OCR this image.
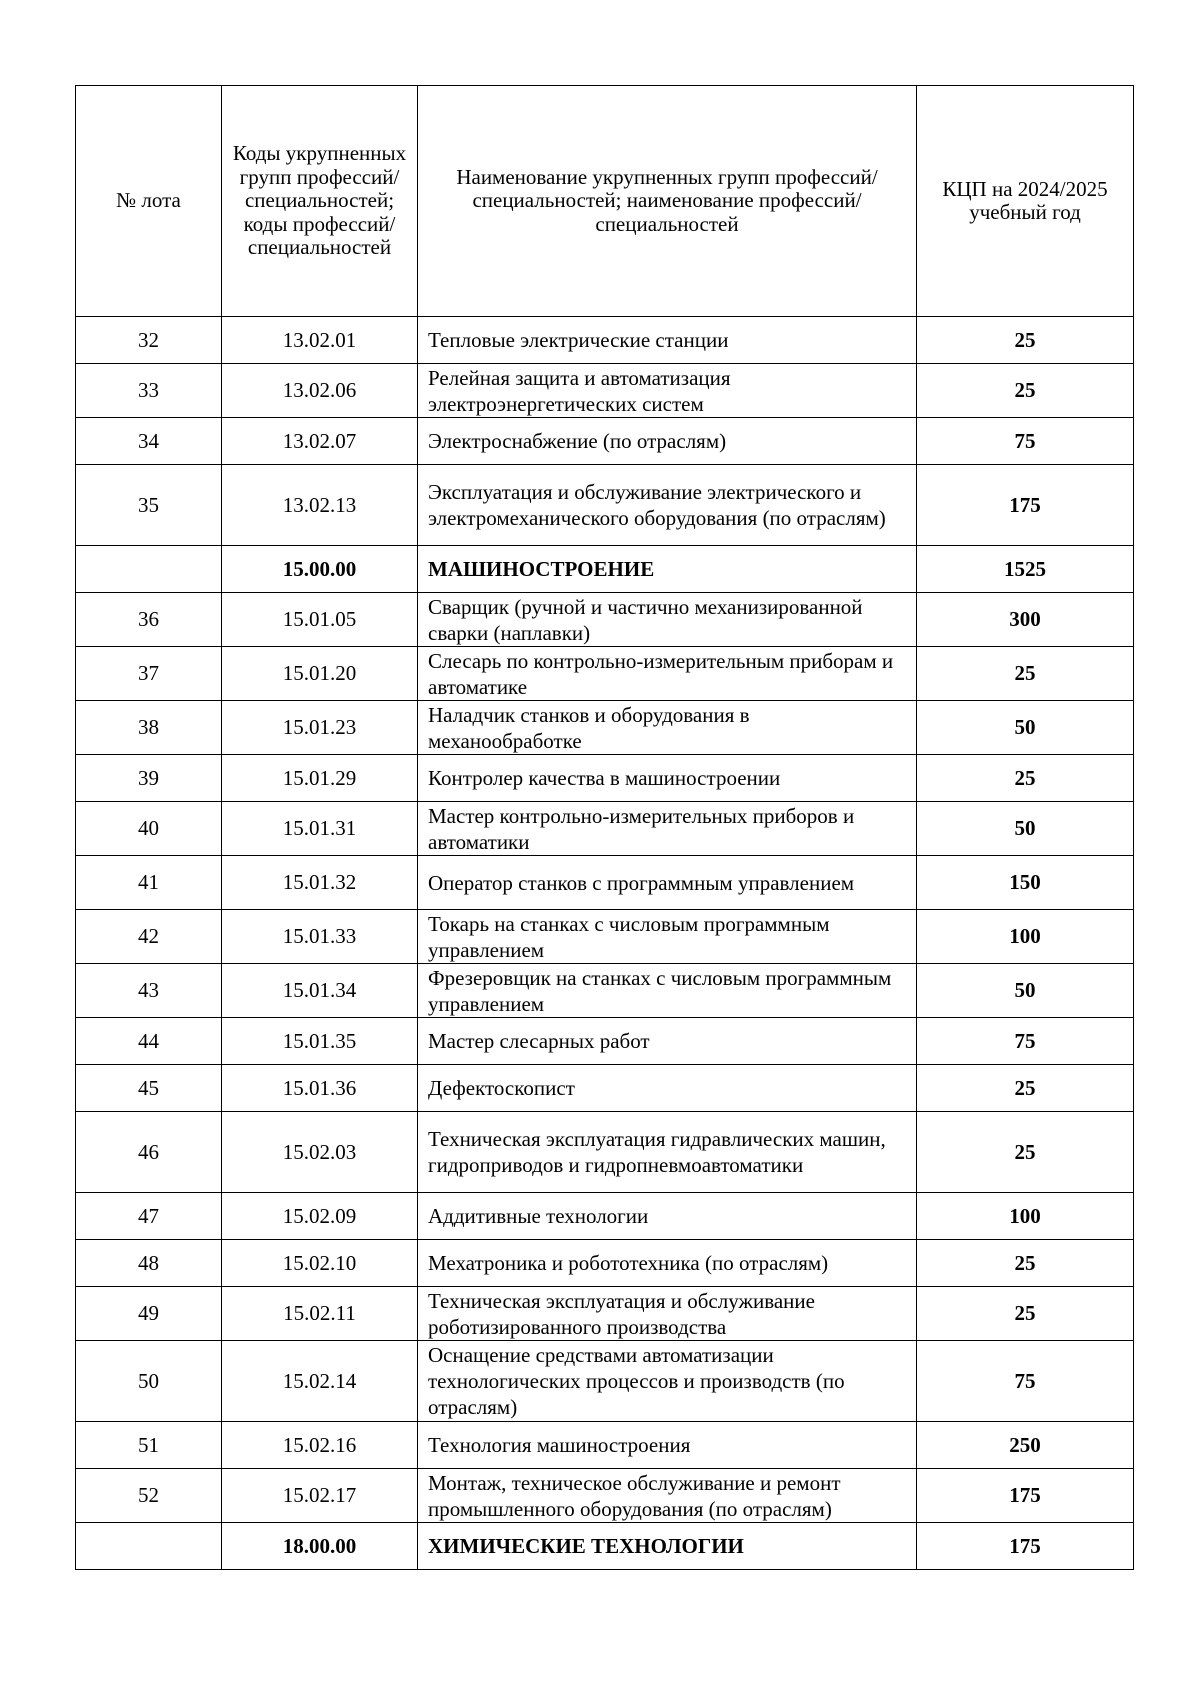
№ лота	Коды укрупненных групп профессий/ специальностей; коды профессий/ специальностей	Наименование укрупненных групп профессий/ специальностей; наименование профессий/ специальностей	КЦП на 2024/2025 учебный год
32	13.02.01	Тепловые электрические станции	25
33	13.02.06	Релейная защита и автоматизация электроэнергетических систем	25
34	13.02.07	Электроснабжение (по отраслям)	75
35	13.02.13	Эксплуатация и обслуживание электрического и электромеханического оборудования (по отраслям)	175
	15.00.00	МАШИНОСТРОЕНИЕ	1525
36	15.01.05	Сварщик (ручной и частично механизированной сварки (наплавки)	300
37	15.01.20	Слесарь по контрольно-измерительным приборам и автоматике	25
38	15.01.23	Наладчик станков и оборудования в механообработке	50
39	15.01.29	Контролер качества в машиностроении	25
40	15.01.31	Мастер контрольно-измерительных приборов и автоматики	50
41	15.01.32	Оператор станков с программным управлением	150
42	15.01.33	Токарь на станках с числовым программным управлением	100
43	15.01.34	Фрезеровщик на станках с числовым программным управлением	50
44	15.01.35	Мастер слесарных работ	75
45	15.01.36	Дефектоскопист	25
46	15.02.03	Техническая эксплуатация гидравлических машин, гидроприводов и гидропневмоавтоматики	25
47	15.02.09	Аддитивные технологии	100
48	15.02.10	Мехатроника и робототехника (по отраслям)	25
49	15.02.11	Техническая эксплуатация и обслуживание роботизированного производства	25
50	15.02.14	Оснащение средствами автоматизации технологических процессов и производств (по отраслям)	75
51	15.02.16	Технология машиностроения	250
52	15.02.17	Монтаж, техническое обслуживание и ремонт промышленного оборудования (по отраслям)	175
	18.00.00	ХИМИЧЕСКИЕ ТЕХНОЛОГИИ	175
